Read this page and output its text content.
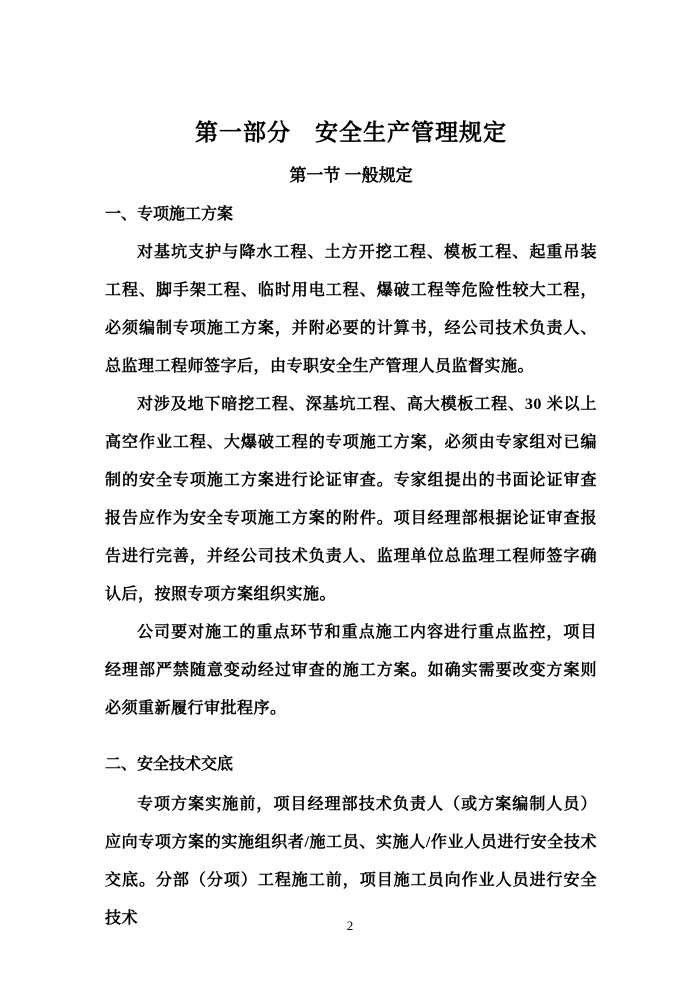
第一部分　安全生产管理规定
第一节 一般规定
一、专项施工方案

对基坑支护与降水工程、土方开挖工程、模板工程、起重吊装工程、脚手架工程、临时用电工程、爆破工程等危险性较大工程，必须编制专项施工方案，并附必要的计算书，经公司技术负责人、总监理工程师签字后，由专职安全生产管理人员监督实施。

对涉及地下暗挖工程、深基坑工程、高大模板工程、30 米以上高空作业工程、大爆破工程的专项施工方案，必须由专家组对已编制的安全专项施工方案进行论证审查。专家组提出的书面论证审查报告应作为安全专项施工方案的附件。项目经理部根据论证审查报告进行完善，并经公司技术负责人、监理单位总监理工程师签字确认后，按照专项方案组织实施。

公司要对施工的重点环节和重点施工内容进行重点监控，项目经理部严禁随意变动经过审查的施工方案。如确实需要改变方案则必须重新履行审批程序。

二、安全技术交底

专项方案实施前，项目经理部技术负责人（或方案编制人员）应向专项方案的实施组织者/施工员、实施人/作业人员进行安全技术交底。分部（分项）工程施工前，项目施工员向作业人员进行安全技术	2
